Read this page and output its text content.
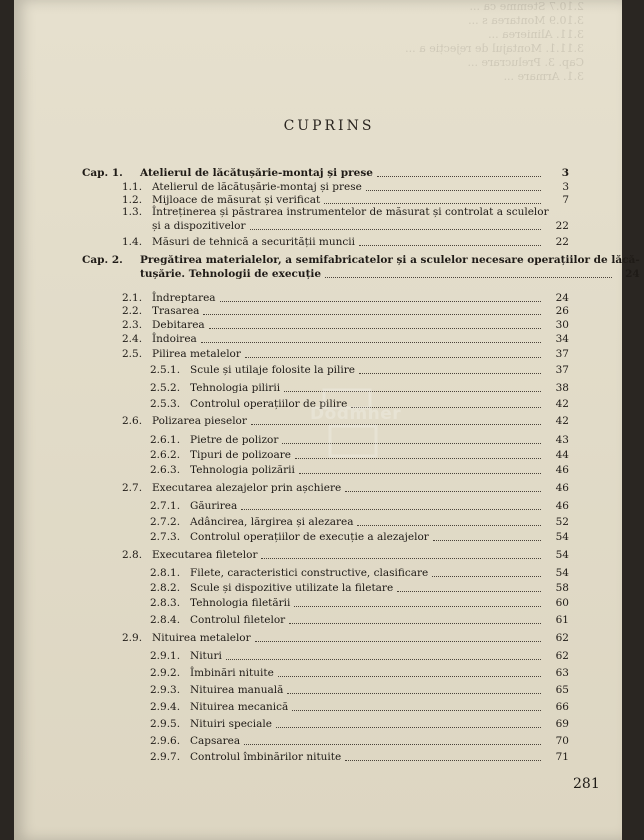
2.10.7 Stemme ca ...
3.10.9 Montarea s ...
3.11. Alinierea ...
3.11.1. Montajul de rejecție a ...
Cap. 3. Prelucrare ...
3.1. Armare ...
CUPRINS
Cap. 1.	Atelierul de lăcătușărie-montaj și prese	3
1.1. Atelierul de lăcătușărie-montaj și prese	3
1.2. Mijloace de măsurat și verificat	7
1.3. Întreținerea și păstrarea instrumentelor de măsurat și controlat a sculelor
și a dispozitivelor	22
1.4. Măsuri de tehnică a securității muncii	22
Cap. 2.	Pregătirea materialelor, a semifabricatelor și a sculelor necesare operațiilor de lăcă-
tușărie. Tehnologii de execuție	24
2.1. Îndreptarea	24
2.2. Trasarea	26
2.3. Debitarea	30
2.4. Îndoirea	34
2.5. Pilirea metalelor	37
2.5.1. Scule și utilaje folosite la pilire	37
2.5.2. Tehnologia pilirii	38
2.5.3. Controlul operațiilor de pilire	42
2.6. Polizarea pieselor	42
2.6.1. Pietre de polizor	43
2.6.2. Tipuri de polizoare	44
2.6.3. Tehnologia polizării	46
2.7. Executarea alezajelor prin așchiere	46
2.7.1. Găurirea	46
2.7.2. Adâncirea, lărgirea și alezarea	52
2.7.3. Controlul operațiilor de execuție a alezajelor	54
2.8. Executarea filetelor	54
2.8.1. Filete, caracteristici constructive, clasificare	54
2.8.2. Scule și dispozitive utilizate la filetare	58
2.8.3. Tehnologia filetării	60
2.8.4. Controlul filetelor	61
2.9. Nituirea metalelor	62
2.9.1. Nituri	62
2.9.2. Îmbinări nituite	63
2.9.3. Nituirea manuală	65
2.9.4. Nituirea mecanică	66
2.9.5. Nituiri speciale	69
2.9.6. Capsarea	70
2.9.7. Controlul îmbinărilor nituite	71
Dodmner
281
